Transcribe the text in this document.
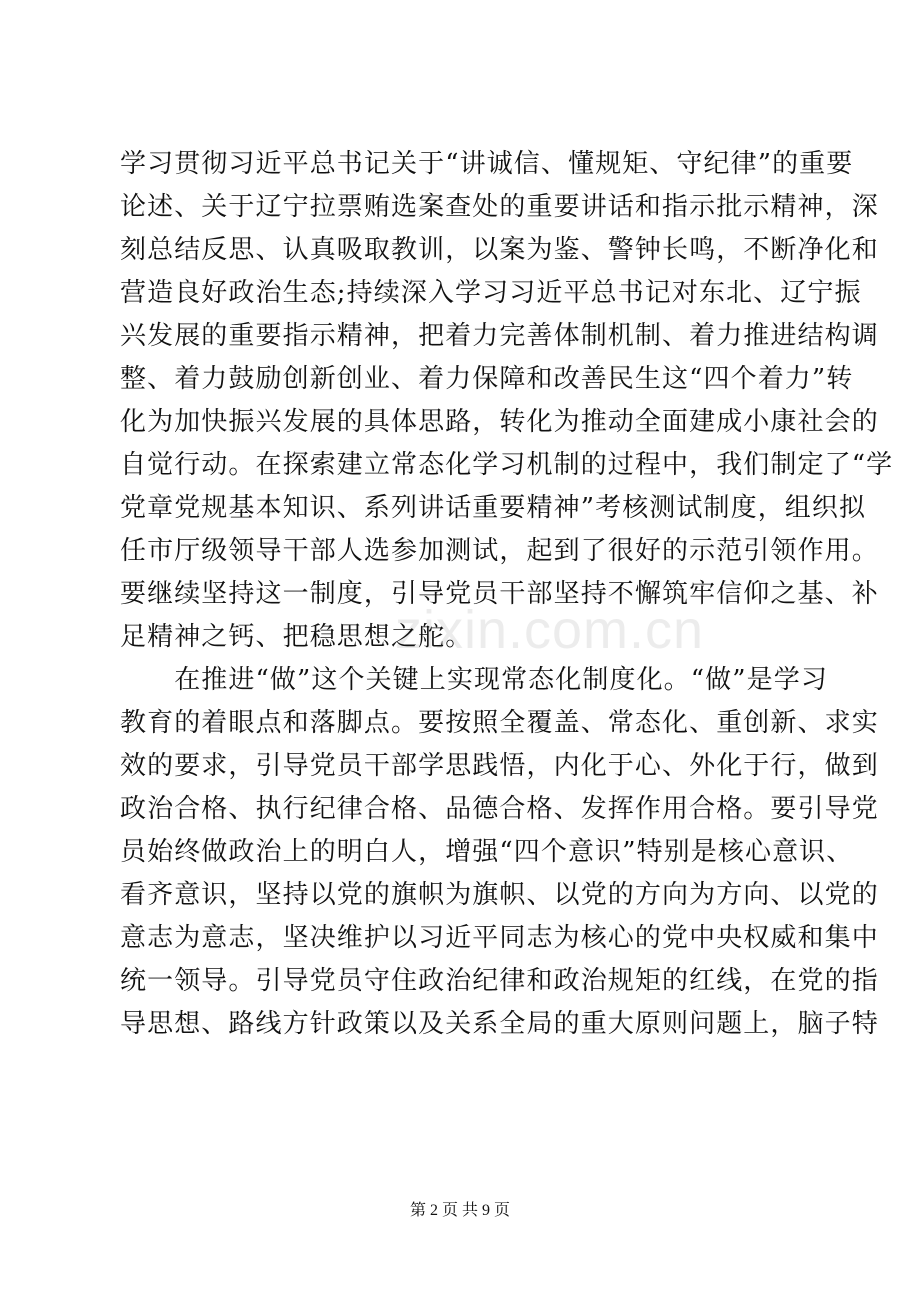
zixin.com.cn
学习贯彻习近平总书记关于“讲诚信、懂规矩、守纪律”的重要
论述、关于辽宁拉票贿选案查处的重要讲话和指示批示精神，深
刻总结反思、认真吸取教训，以案为鉴、警钟长鸣，不断净化和
营造良好政治生态;持续深入学习习近平总书记对东北、辽宁振
兴发展的重要指示精神，把着力完善体制机制、着力推进结构调
整、着力鼓励创新创业、着力保障和改善民生这“四个着力”转
化为加快振兴发展的具体思路，转化为推动全面建成小康社会的
自觉行动。在探索建立常态化学习机制的过程中，我们制定了“学
党章党规基本知识、系列讲话重要精神”考核测试制度，组织拟
任市厅级领导干部人选参加测试，起到了很好的示范引领作用。
要继续坚持这一制度，引导党员干部坚持不懈筑牢信仰之基、补
足精神之钙、把稳思想之舵。
　　在推进“做”这个关键上实现常态化制度化。“做”是学习
教育的着眼点和落脚点。要按照全覆盖、常态化、重创新、求实
效的要求，引导党员干部学思践悟，内化于心、外化于行，做到
政治合格、执行纪律合格、品德合格、发挥作用合格。要引导党
员始终做政治上的明白人，增强“四个意识”特别是核心意识、
看齐意识，坚持以党的旗帜为旗帜、以党的方向为方向、以党的
意志为意志，坚决维护以习近平同志为核心的党中央权威和集中
统一领导。引导党员守住政治纪律和政治规矩的红线，在党的指
导思想、路线方针政策以及关系全局的重大原则问题上，脑子特
第 2 页 共 9 页
